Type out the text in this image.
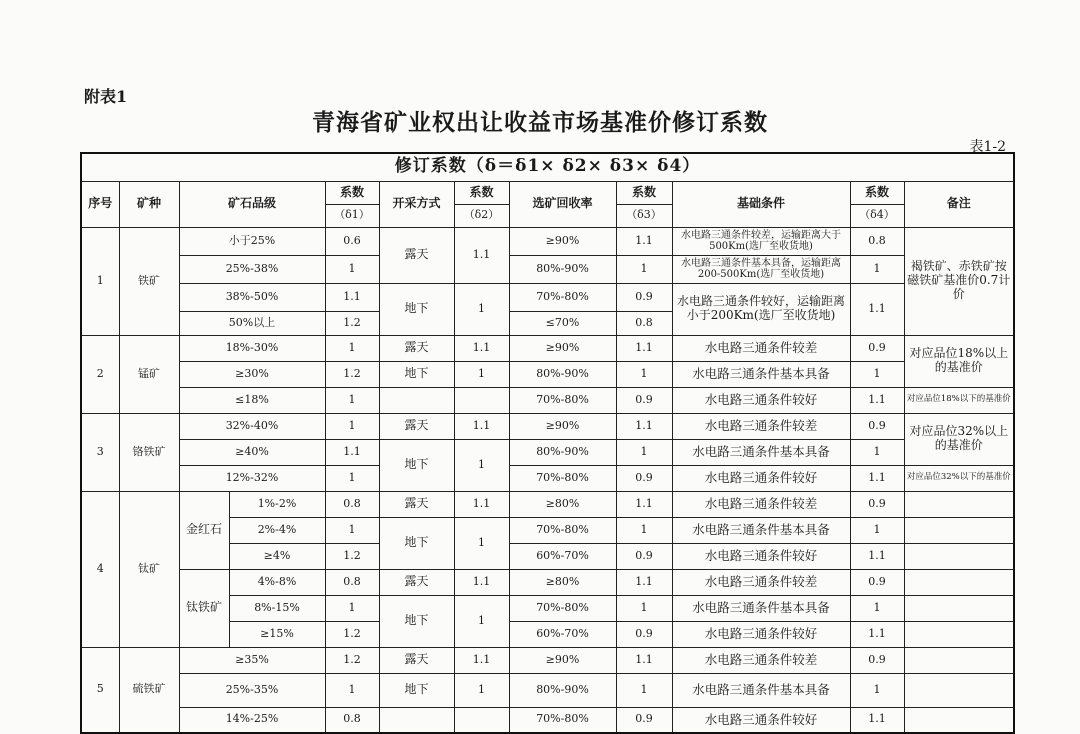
附表1
青海省矿业权出让收益市场基准价修订系数
表1-2
修订系数（δ＝δ1× δ2× δ3× δ4）											
序号	矿种	矿石品级		系数	开采方式	系数	选矿回收率	系数	基础条件	系数	备注
				（δ1）		（δ2）		（δ3）		（δ4）	
1	铁矿	小于25%		0.6	露天	1.1	≥90%	1.1	水电路三通条件较差，运输距离大于500Km(选厂至收货地)	0.8	褐铁矿、赤铁矿按磁铁矿基准价0.7计价
		25%-38%		1			80%-90%	1	水电路三通条件基本具备，运输距离200-500Km(选厂至收货地)	1	
		38%-50%		1.1	地下	1	70%-80%	0.9	水电路三通条件较好，运输距离小于200Km(选厂至收货地)	1.1	
		50%以上		1.2			≤70%	0.8			
2	锰矿	18%-30%		1	露天	1.1	≥90%	1.1	水电路三通条件较差	0.9	对应品位18%以上的基准价
		≥30%		1.2	地下	1	80%-90%	1	水电路三通条件基本具备	1	
		≤18%		1			70%-80%	0.9	水电路三通条件较好	1.1	对应品位18%以下的基准价
3	铬铁矿	32%-40%		1	露天	1.1	≥90%	1.1	水电路三通条件较差	0.9	对应品位32%以上的基准价
		≥40%		1.1	地下	1	80%-90%	1	水电路三通条件基本具备	1	
		12%-32%		1			70%-80%	0.9	水电路三通条件较好	1.1	对应品位32%以下的基准价
4	钛矿	金红石	1%-2%	0.8	露天	1.1	≥80%	1.1	水电路三通条件较差	0.9	
			2%-4%	1	地下	1	70%-80%	1	水电路三通条件基本具备	1	
			≥4%	1.2			60%-70%	0.9	水电路三通条件较好	1.1	
		钛铁矿	4%-8%	0.8	露天	1.1	≥80%	1.1	水电路三通条件较差	0.9	
			8%-15%	1	地下	1	70%-80%	1	水电路三通条件基本具备	1	
			≥15%	1.2			60%-70%	0.9	水电路三通条件较好	1.1	
5	硫铁矿	≥35%		1.2	露天	1.1	≥90%	1.1	水电路三通条件较差	0.9	
		25%-35%		1	地下	1	80%-90%	1	水电路三通条件基本具备	1	
		14%-25%		0.8			70%-80%	0.9	水电路三通条件较好	1.1	
